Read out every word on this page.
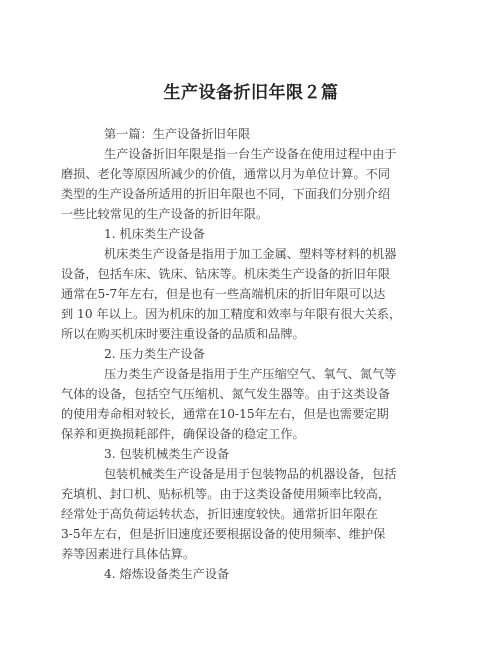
生产设备折旧年限２篇
第一篇：生产设备折旧年限
生产设备折旧年限是指一台生产设备在使用过程中由于
磨损、老化等原因所减少的价值，通常以月为单位计算。不同
类型的生产设备所适用的折旧年限也不同，下面我们分别介绍
一些比较常见的生产设备的折旧年限。
1. 机床类生产设备
机床类生产设备是指用于加工金属、塑料等材料的机器
设备，包括车床、铣床、钻床等。机床类生产设备的折旧年限
通常在5-7年左右，但是也有一些高端机床的折旧年限可以达
到 10 年以上。因为机床的加工精度和效率与年限有很大关系，
所以在购买机床时要注重设备的品质和品牌。
2. 压力类生产设备
压力类生产设备是指用于生产压缩空气、氧气、氮气等
气体的设备，包括空气压缩机、氮气发生器等。由于这类设备
的使用寿命相对较长，通常在10-15年左右，但是也需要定期
保养和更换损耗部件，确保设备的稳定工作。
3. 包装机械类生产设备
包装机械类生产设备是用于包装物品的机器设备，包括
充填机、封口机、贴标机等。由于这类设备使用频率比较高，
经常处于高负荷运转状态，折旧速度较快。通常折旧年限在
3-5年左右，但是折旧速度还要根据设备的使用频率、维护保
养等因素进行具体估算。
4. 熔炼设备类生产设备
